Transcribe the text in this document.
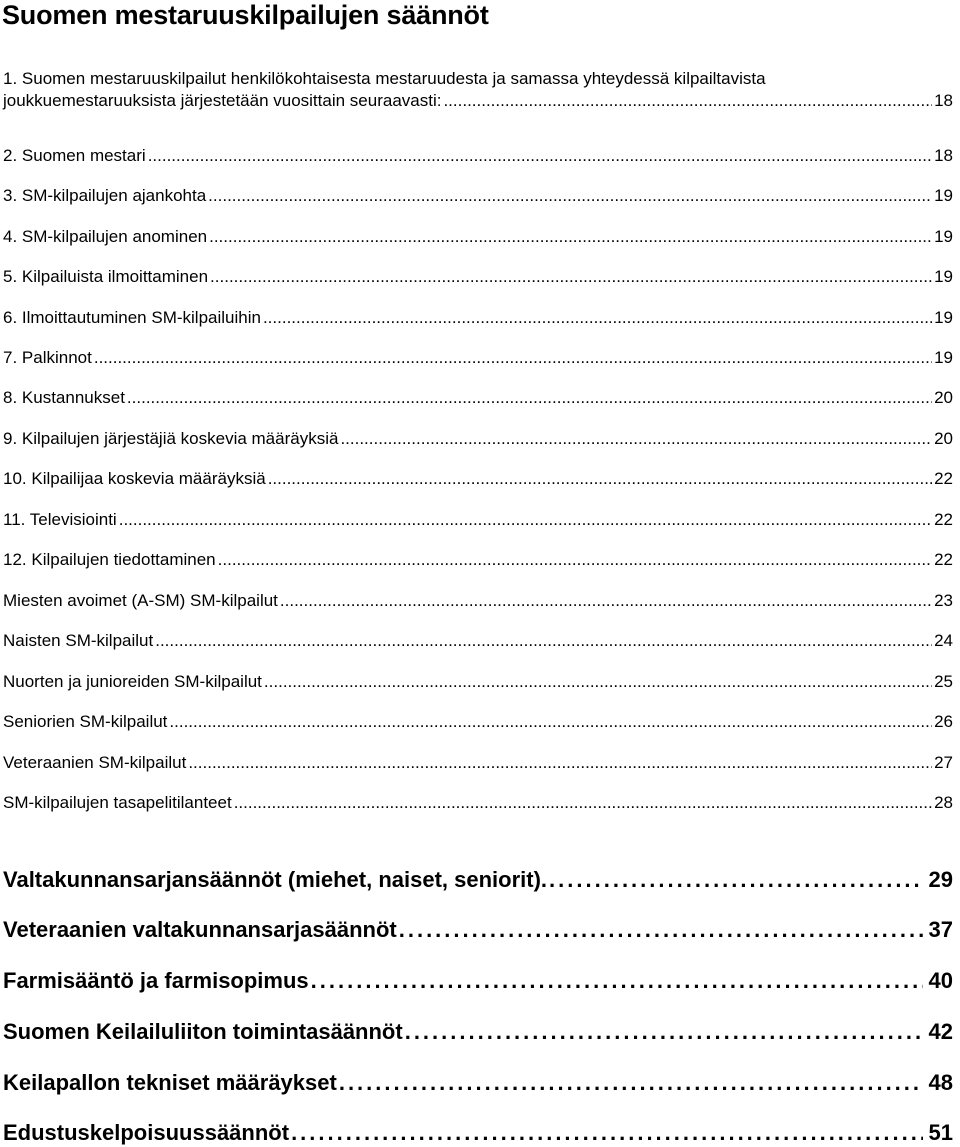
Suomen mestaruuskilpailujen säännöt
1. Suomen mestaruuskilpailut henkilökohtaisesta mestaruudesta ja samassa yhteydessä kilpailtavista
joukkuemestaruuksista järjestetään vuosittain seuraavasti: .....	18
2. Suomen mestari .....	18
3. SM-kilpailujen ajankohta .....	19
4. SM-kilpailujen anominen .....	19
5. Kilpailuista ilmoittaminen .....	19
6. Ilmoittautuminen SM-kilpailuihin .....	19
7. Palkinnot .....	19
8. Kustannukset .....	20
9. Kilpailujen järjestäjiä koskevia määräyksiä .....	20
10. Kilpailijaa koskevia määräyksiä .....	22
11. Televisiointi .....	22
12. Kilpailujen tiedottaminen .....	22
Miesten avoimet (A-SM) SM-kilpailut .....	23
Naisten SM-kilpailut .....	24
Nuorten ja junioreiden SM-kilpailut .....	25
Seniorien SM-kilpailut .....	26
Veteraanien SM-kilpailut .....	27
SM-kilpailujen tasapelitilanteet .....	28
Valtakunnansarjansäännöt (miehet, naiset, seniorit). .....	29
Veteraanien valtakunnansarjasäännöt .....	37
Farmisääntö ja farmisopimus .....	40
Suomen Keilailuliiton toimintasäännöt .....	42
Keilapallon tekniset määräykset .....	48
Edustuskelpoisuussäännöt .....	51
